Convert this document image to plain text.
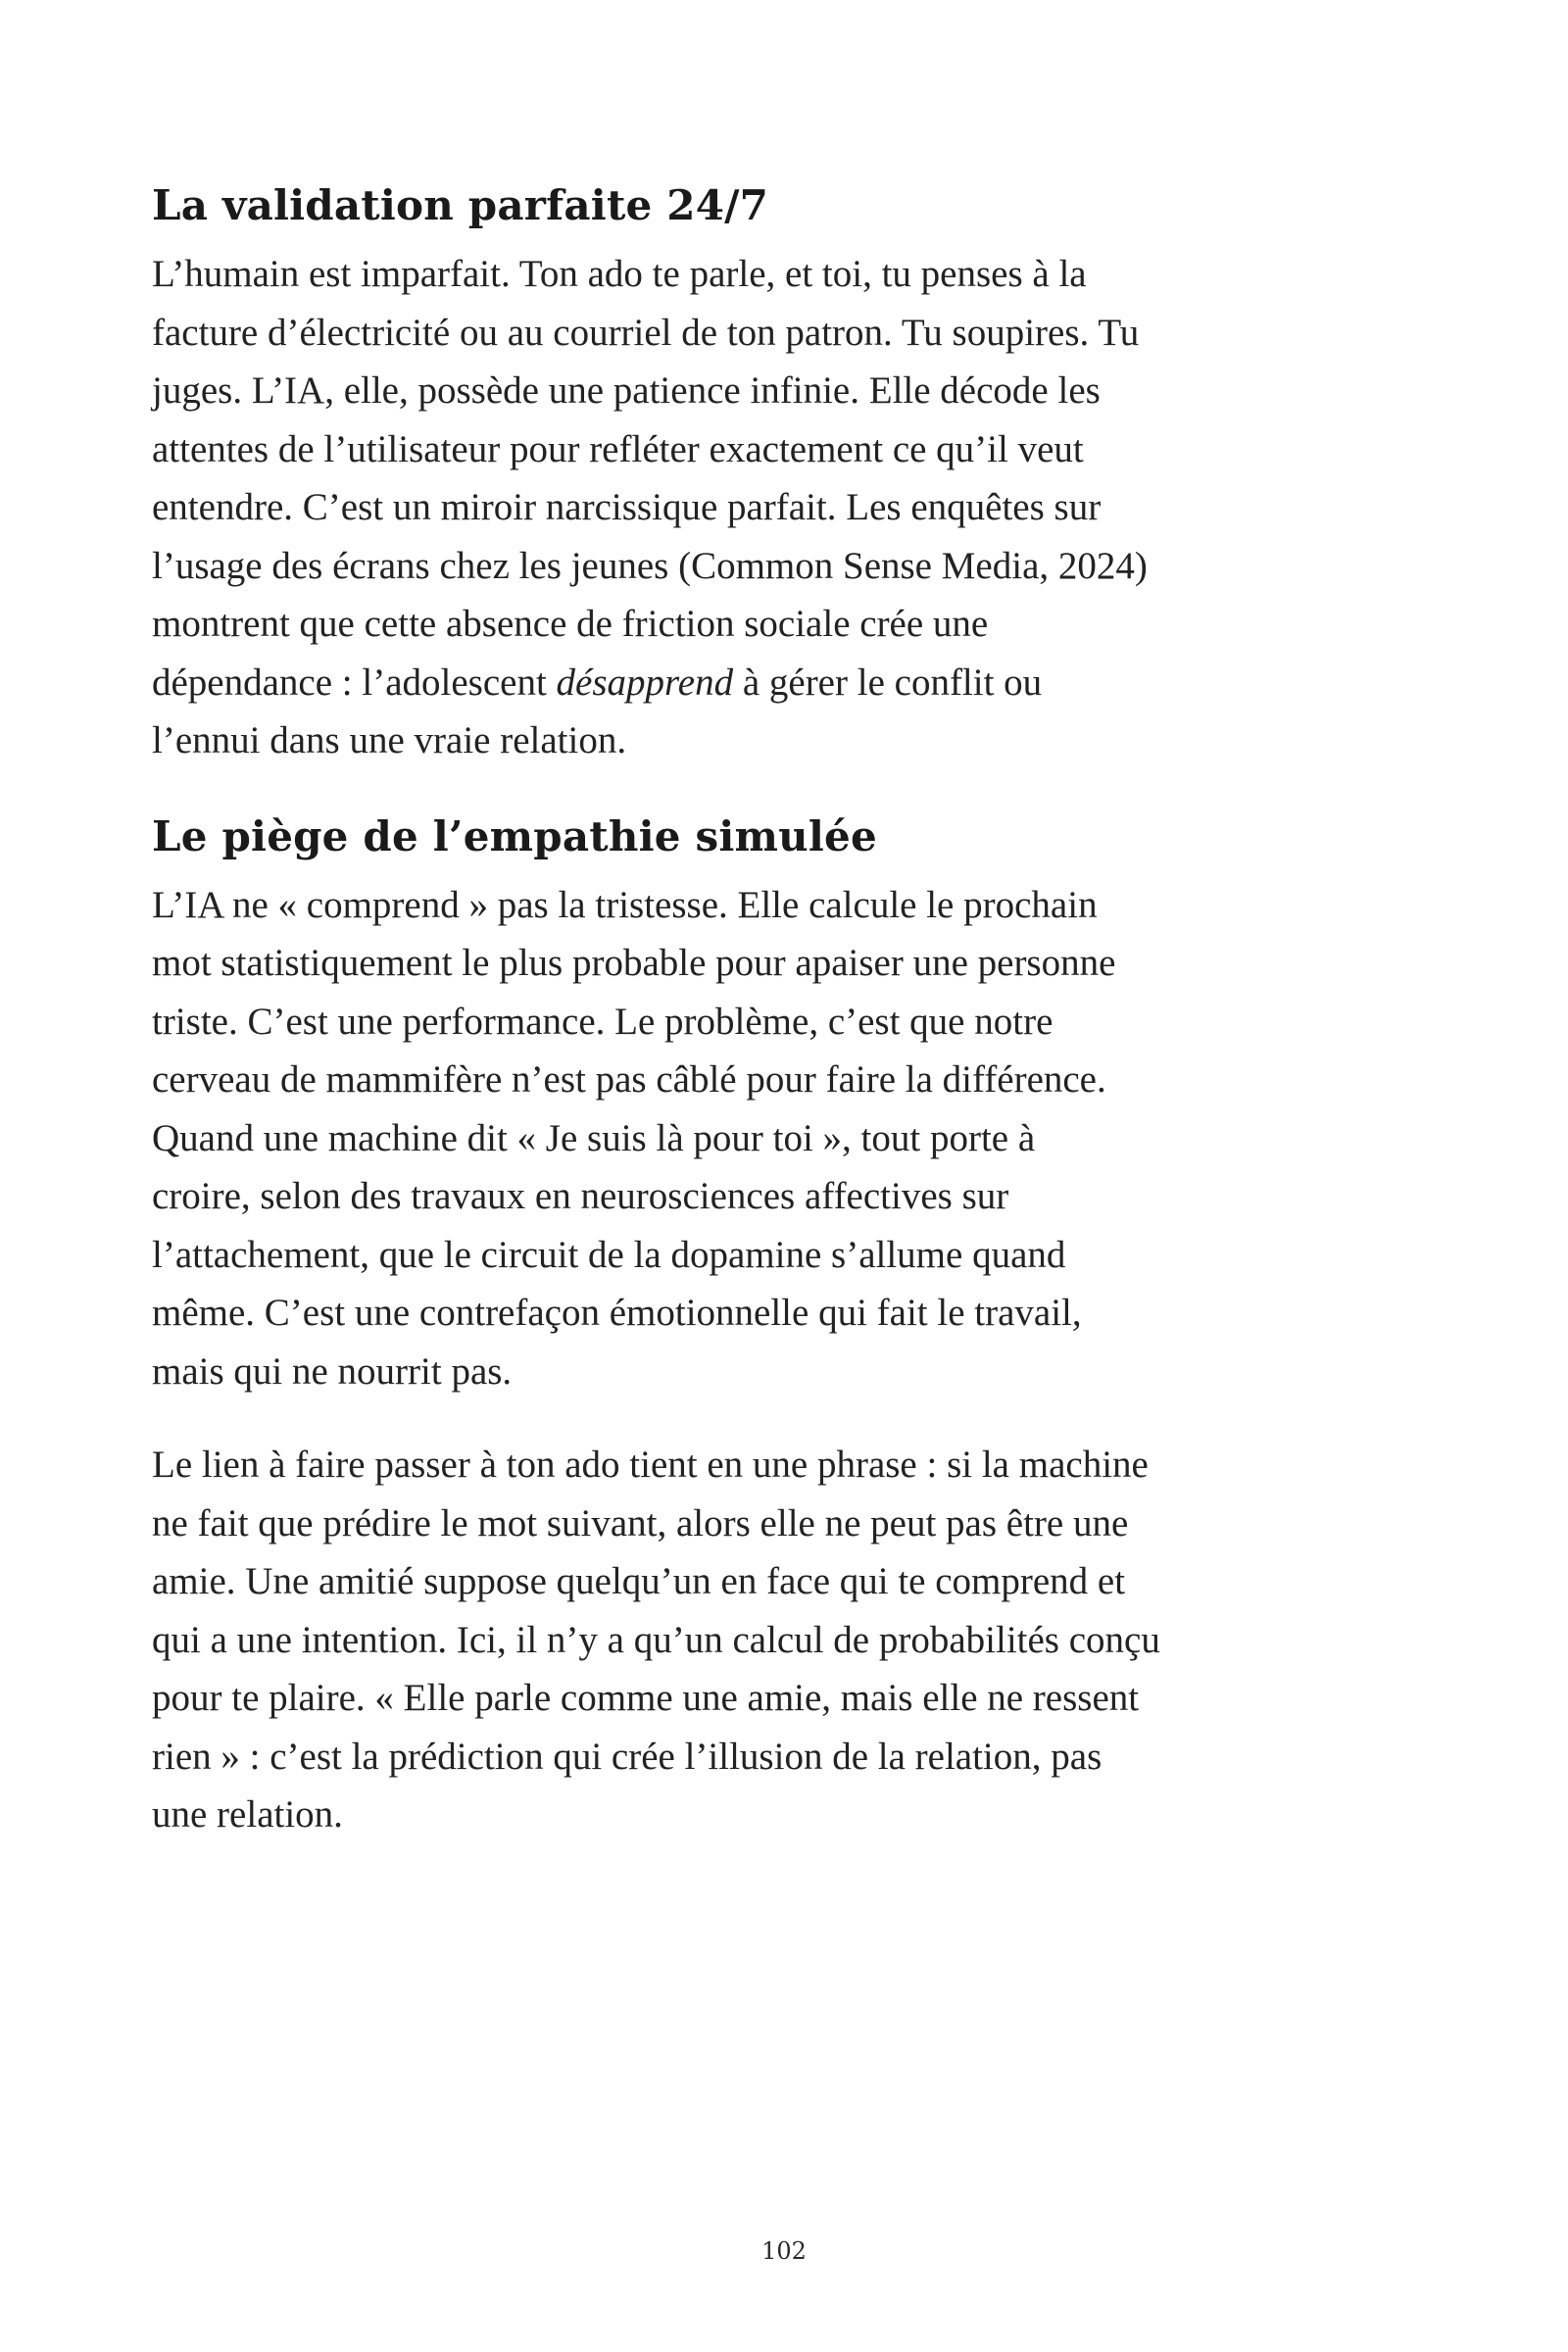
La validation parfaite 24/7

L’humain est imparfait. Ton ado te parle, et toi, tu penses à la
facture d’électricité ou au courriel de ton patron. Tu soupires. Tu
juges. L’IA, elle, possède une patience infinie. Elle décode les
attentes de l’utilisateur pour refléter exactement ce qu’il veut
entendre. C’est un miroir narcissique parfait. Les enquêtes sur
l’usage des écrans chez les jeunes (Common Sense Media, 2024)
montrent que cette absence de friction sociale crée une
dépendance : l’adolescent désapprend à gérer le conflit ou
l’ennui dans une vraie relation.

Le piège de l’empathie simulée

L’IA ne « comprend » pas la tristesse. Elle calcule le prochain
mot statistiquement le plus probable pour apaiser une personne
triste. C’est une performance. Le problème, c’est que notre
cerveau de mammifère n’est pas câblé pour faire la différence.
Quand une machine dit « Je suis là pour toi », tout porte à
croire, selon des travaux en neurosciences affectives sur
l’attachement, que le circuit de la dopamine s’allume quand
même. C’est une contrefaçon émotionnelle qui fait le travail,
mais qui ne nourrit pas.

Le lien à faire passer à ton ado tient en une phrase : si la machine
ne fait que prédire le mot suivant, alors elle ne peut pas être une
amie. Une amitié suppose quelqu’un en face qui te comprend et
qui a une intention. Ici, il n’y a qu’un calcul de probabilités conçu
pour te plaire. « Elle parle comme une amie, mais elle ne ressent
rien » : c’est la prédiction qui crée l’illusion de la relation, pas
une relation.

102
